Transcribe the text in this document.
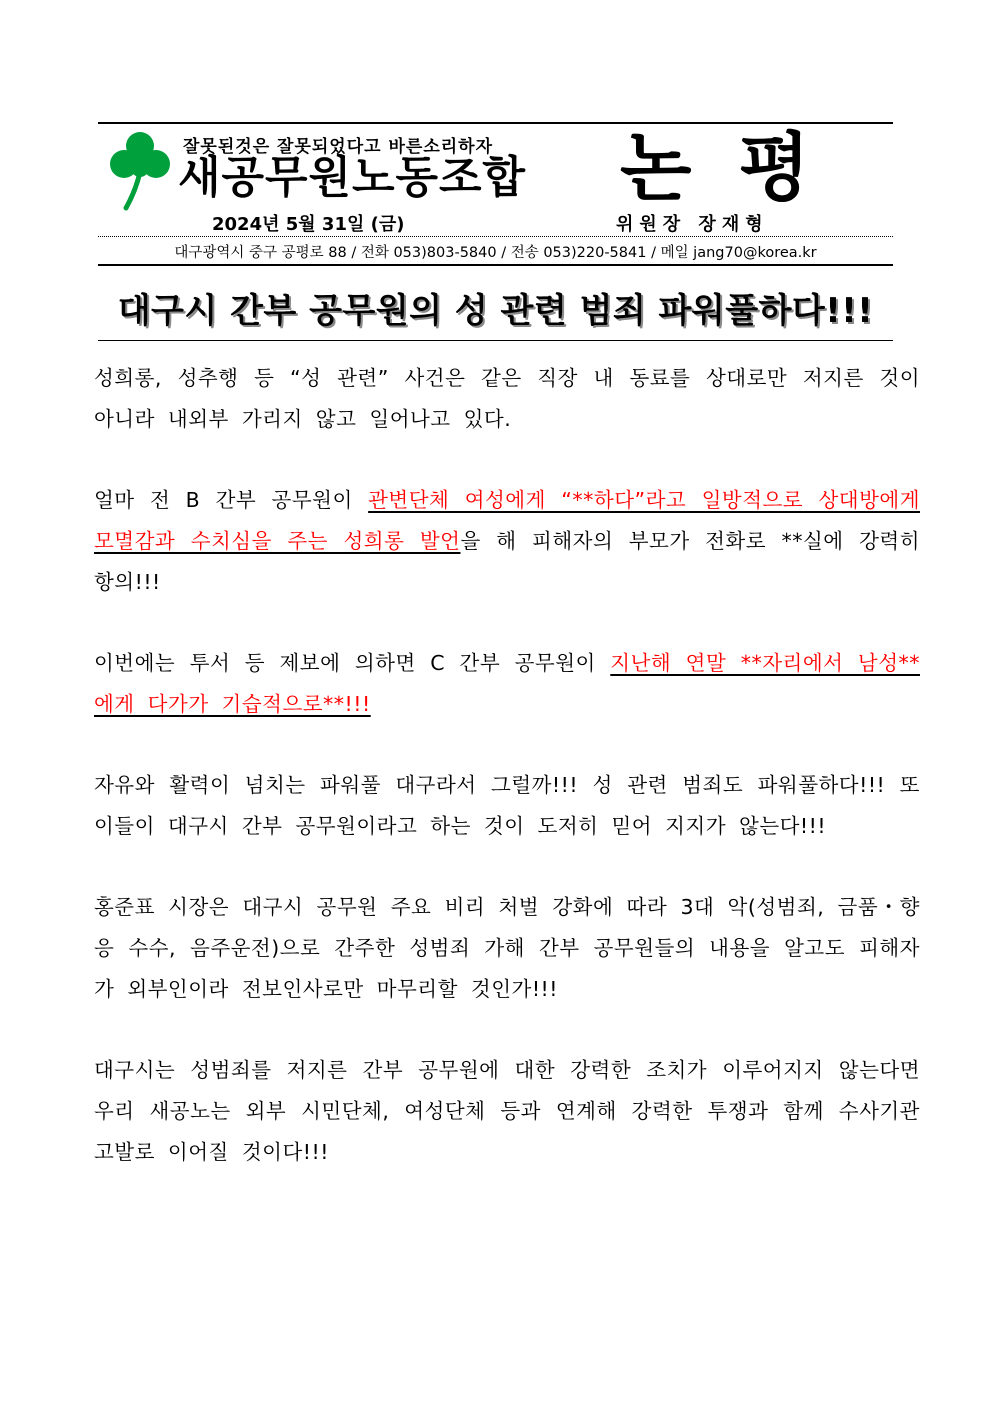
잘못된것은 잘못되었다고 바른소리하자
새공무원노동조합 논 평
2024년 5월 31일 (금)	위원장 장재형
대구광역시 중구 공평로 88 / 전화 053)803-5840 / 전송 053)220-5841 / 메일 jang70@korea.kr
대구시 간부 공무원의 성 관련 범죄 파워풀하다!!!

성희롱, 성추행 등 “성 관련” 사건은 같은 직장 내 동료를 상대로만 저지른 것이 아니라 내외부 가리지 않고 일어나고 있다.

얼마 전 B 간부 공무원이 관변단체 여성에게 “**하다”라고 일방적으로 상대방에게 모멸감과 수치심을 주는 성희롱 발언을 해 피해자의 부모가 전화로 **실에 강력히 항의!!!

이번에는 투서 등 제보에 의하면 C 간부 공무원이 지난해 연말 **자리에서 남성**에게 다가가 기습적으로**!!!

자유와 활력이 넘치는 파워풀 대구라서 그럴까!!! 성 관련 범죄도 파워풀하다!!! 또 이들이 대구시 간부 공무원이라고 하는 것이 도저히 믿어 지지가 않는다!!!

홍준표 시장은 대구시 공무원 주요 비리 처벌 강화에 따라 3대 악(성범죄, 금품・향응 수수, 음주운전)으로 간주한 성범죄 가해 간부 공무원들의 내용을 알고도 피해자가 외부인이라 전보인사로만 마무리할 것인가!!!

대구시는 성범죄를 저지른 간부 공무원에 대한 강력한 조치가 이루어지지 않는다면 우리 새공노는 외부 시민단체, 여성단체 등과 연계해 강력한 투쟁과 함께 수사기관 고발로 이어질 것이다!!!
